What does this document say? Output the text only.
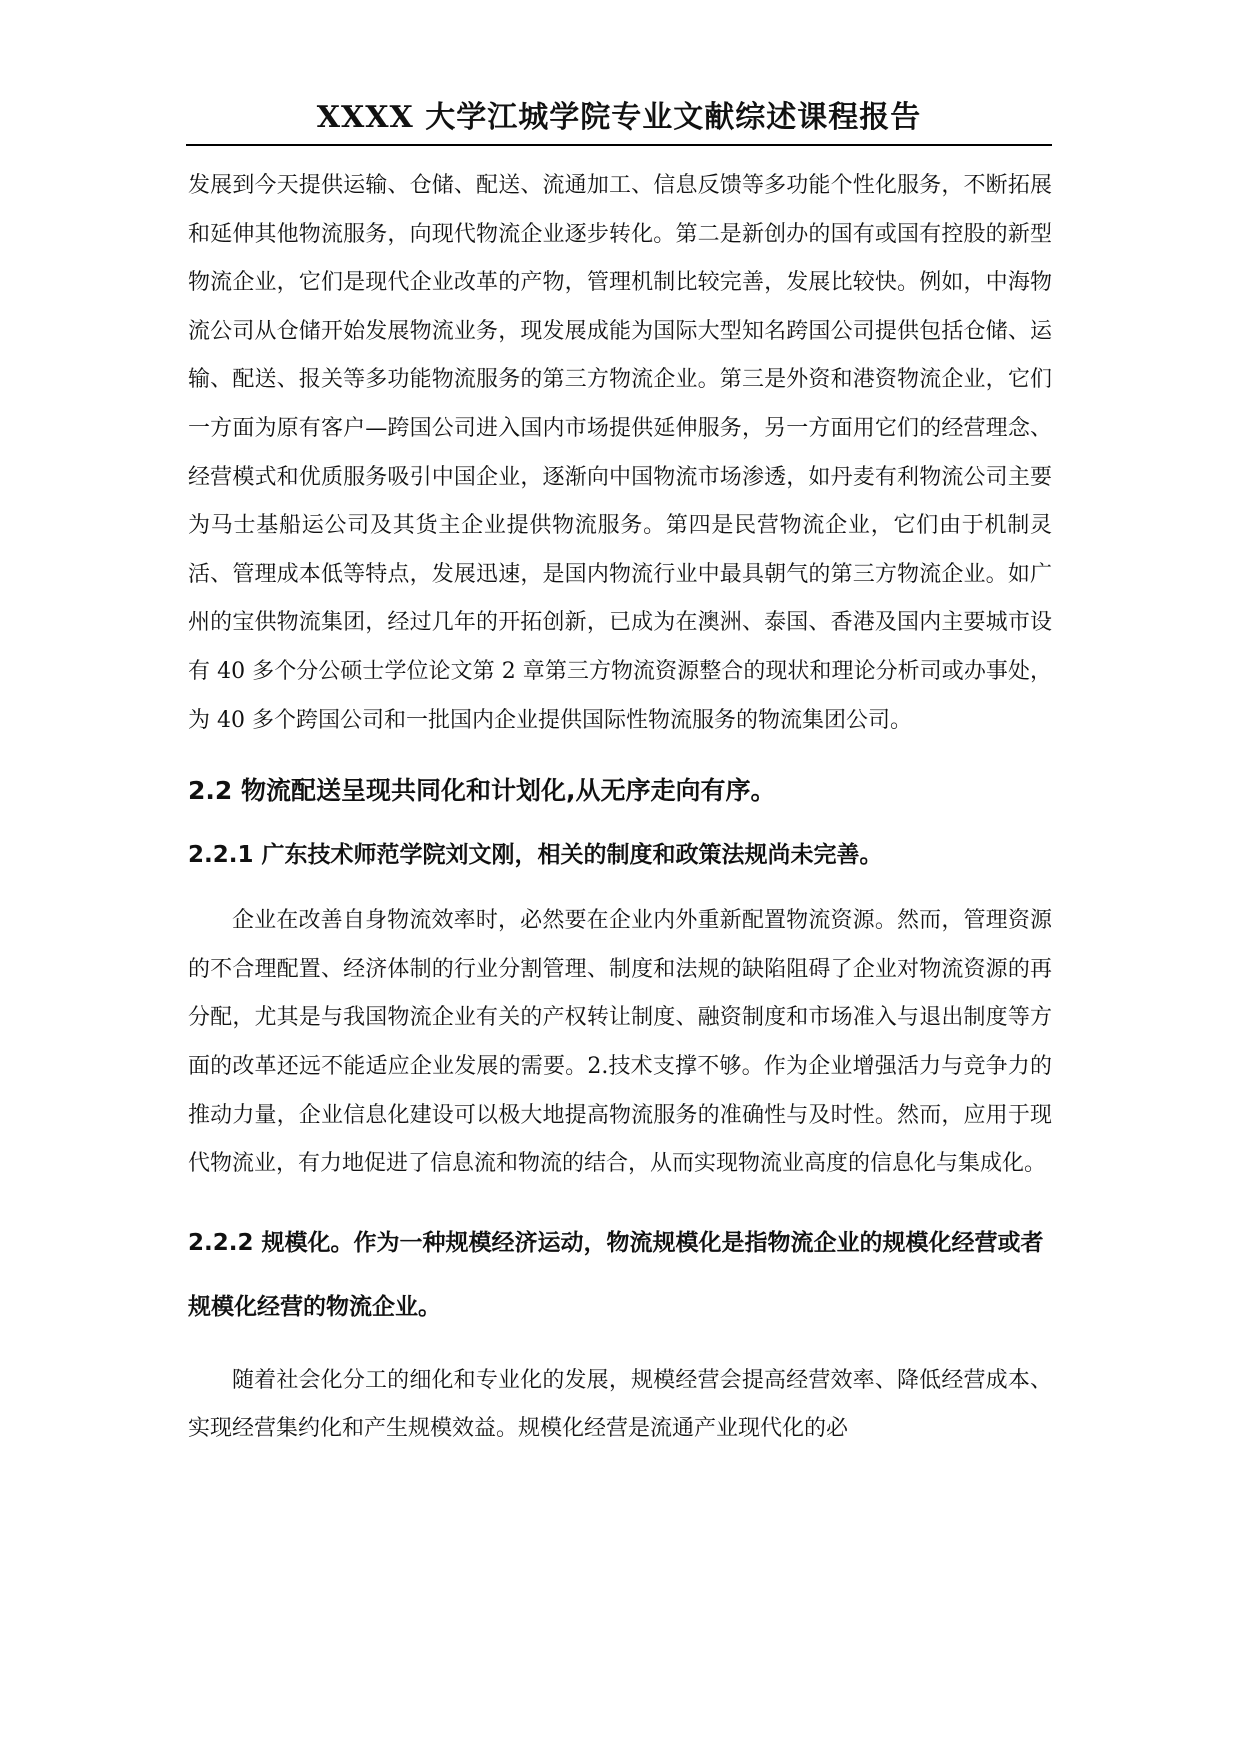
XXXX 大学江城学院专业文献综述课程报告

发展到今天提供运输、仓储、配送、流通加工、信息反馈等多功能个性化服务，不断拓展和延伸其他物流服务，向现代物流企业逐步转化。第二是新创办的国有或国有控股的新型物流企业，它们是现代企业改革的产物，管理机制比较完善，发展比较快。例如，中海物流公司从仓储开始发展物流业务，现发展成能为国际大型知名跨国公司提供包括仓储、运输、配送、报关等多功能物流服务的第三方物流企业。第三是外资和港资物流企业，它们一方面为原有客户—跨国公司进入国内市场提供延伸服务，另一方面用它们的经营理念、经营模式和优质服务吸引中国企业，逐渐向中国物流市场渗透，如丹麦有利物流公司主要为马士基船运公司及其货主企业提供物流服务。第四是民营物流企业，它们由于机制灵活、管理成本低等特点，发展迅速，是国内物流行业中最具朝气的第三方物流企业。如广州的宝供物流集团，经过几年的开拓创新，已成为在澳洲、泰国、香港及国内主要城市设有 40 多个分公硕士学位论文第 2 章第三方物流资源整合的现状和理论分析司或办事处，为 40 多个跨国公司和一批国内企业提供国际性物流服务的物流集团公司。

2.2 物流配送呈现共同化和计划化,从无序走向有序。
2.2.1 广东技术师范学院刘文刚，相关的制度和政策法规尚未完善。

企业在改善自身物流效率时，必然要在企业内外重新配置物流资源。然而，管理资源的不合理配置、经济体制的行业分割管理、制度和法规的缺陷阻碍了企业对物流资源的再分配，尤其是与我国物流企业有关的产权转让制度、融资制度和市场准入与退出制度等方面的改革还远不能适应企业发展的需要。2.技术支撑不够。作为企业增强活力与竞争力的推动力量，企业信息化建设可以极大地提高物流服务的准确性与及时性。然而，应用于现代物流业，有力地促进了信息流和物流的结合，从而实现物流业高度的信息化与集成化。

2.2.2 规模化。作为一种规模经济运动，物流规模化是指物流企业的规模化经营或者规模化经营的物流企业。

随着社会化分工的细化和专业化的发展，规模经营会提高经营效率、降低经营成本、实现经营集约化和产生规模效益。规模化经营是流通产业现代化的必
